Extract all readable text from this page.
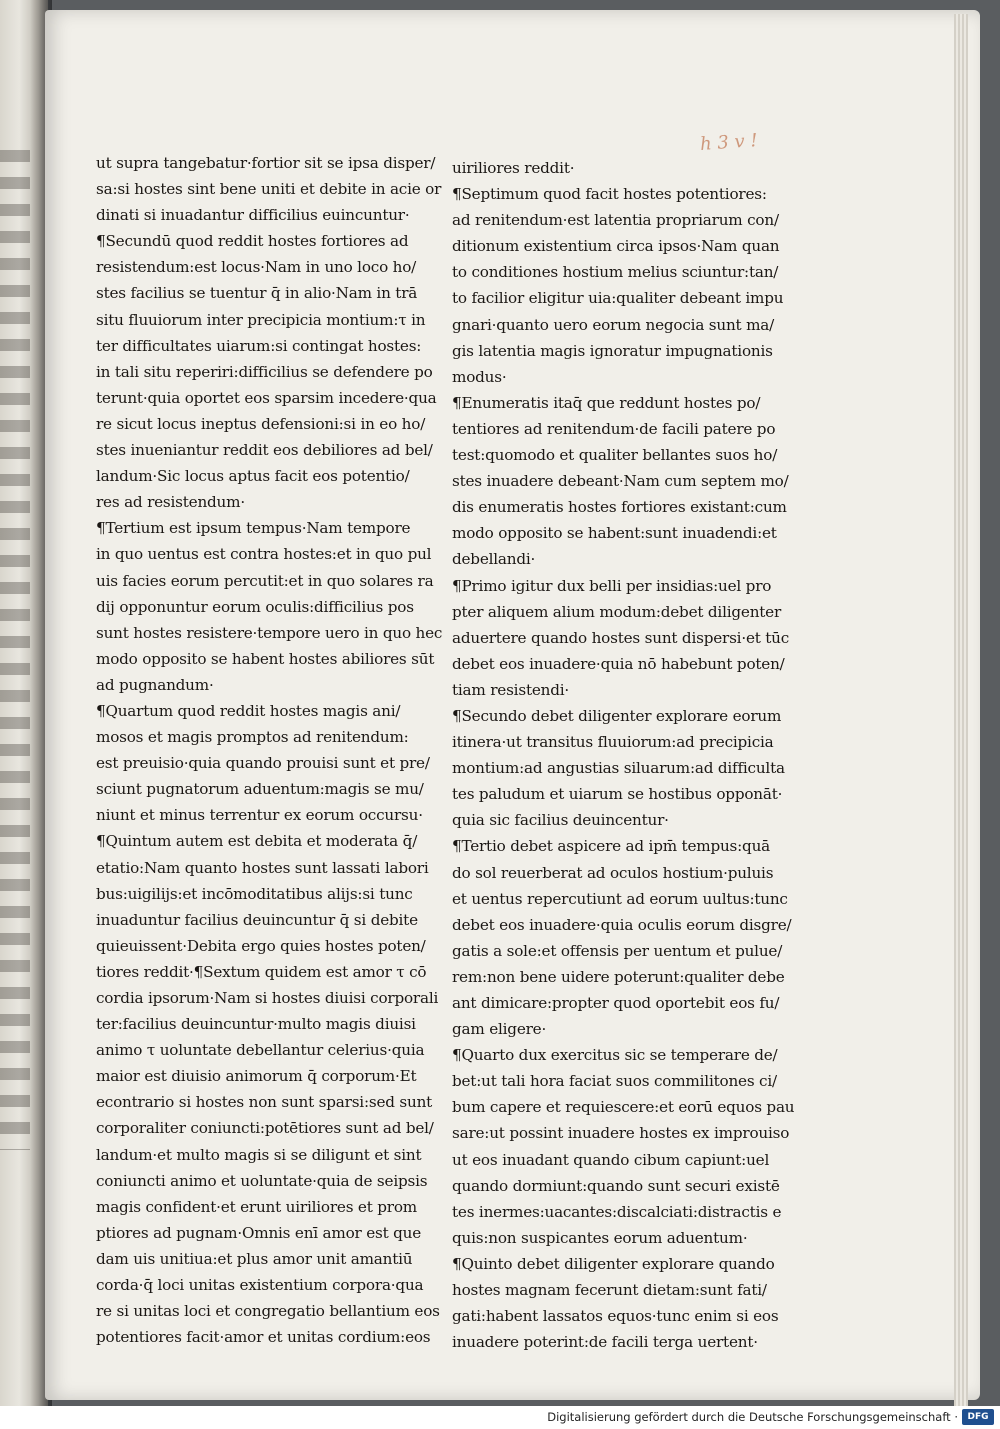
h 3 v !
ut supra tangebatur·fortior sit se ipsa disper/
sa:si hostes sint bene uniti et debite in acie or
dinati si inuadantur difficilius euincuntur·
¶Secundū quod reddit hostes fortiores ad
resistendum:est locus·Nam in uno loco ho/
stes facilius se tuentur q̄ in alio·Nam in trā
situ fluuiorum inter precipicia montium:τ in
ter difficultates uiarum:si contingat hostes:
in tali situ reperiri:difficilius se defendere po
terunt·quia oportet eos sparsim incedere·qua
re sicut locus ineptus defensioni:si in eo ho/
stes inueniantur reddit eos debiliores ad bel/
landum·Sic locus aptus facit eos potentio/
res ad resistendum·
¶Tertium est ipsum tempus·Nam tempore
in quo uentus est contra hostes:et in quo pul
uis facies eorum percutit:et in quo solares ra
dij opponuntur eorum oculis:difficilius pos
sunt hostes resistere·tempore uero in quo hec
modo opposito se habent hostes abiliores sūt
ad pugnandum·
¶Quartum quod reddit hostes magis ani/
mosos et magis promptos ad renitendum:
est preuisio·quia quando prouisi sunt et pre/
sciunt pugnatorum aduentum:magis se mu/
niunt et minus terrentur ex eorum occursu·
¶Quintum autem est debita et moderata q̄/
etatio:Nam quanto hostes sunt lassati labori
bus:uigilijs:et incōmoditatibus alijs:si tunc
inuaduntur facilius deuincuntur q̄ si debite
quieuissent·Debita ergo quies hostes poten/
tiores reddit·¶Sextum quidem est amor τ cō
cordia ipsorum·Nam si hostes diuisi corporali
ter:facilius deuincuntur·multo magis diuisi
animo τ uoluntate debellantur celerius·quia
maior est diuisio animorum q̄ corporum·Et
econtrario si hostes non sunt sparsi:sed sunt
corporaliter coniuncti:potētiores sunt ad bel/
landum·et multo magis si se diligunt et sint
coniuncti animo et uoluntate·quia de seipsis
magis confident·et erunt uiriliores et prom
ptiores ad pugnam·Omnis enī amor est que
dam uis unitiua:et plus amor unit amantiū
corda·q̄ loci unitas existentium corpora·qua
re si unitas loci et congregatio bellantium eos
potentiores facit·amor et unitas cordium:eos
uiriliores reddit·
¶Septimum quod facit hostes potentiores:
ad renitendum·est latentia propriarum con/
ditionum existentium circa ipsos·Nam quan
to conditiones hostium melius sciuntur:tan/
to facilior eligitur uia:qualiter debeant impu
gnari·quanto uero eorum negocia sunt ma/
gis latentia magis ignoratur impugnationis
modus·
¶Enumeratis itaq̄ que reddunt hostes po/
tentiores ad renitendum·de facili patere po
test:quomodo et qualiter bellantes suos ho/
stes inuadere debeant·Nam cum septem mo/
dis enumeratis hostes fortiores existant:cum
modo opposito se habent:sunt inuadendi:et
debellandi·
¶Primo igitur dux belli per insidias:uel pro
pter aliquem alium modum:debet diligenter
aduertere quando hostes sunt dispersi·et tūc
debet eos inuadere·quia nō habebunt poten/
tiam resistendi·
¶Secundo debet diligenter explorare eorum
itinera·ut transitus fluuiorum:ad precipicia
montium:ad angustias siluarum:ad difficulta
tes paludum et uiarum se hostibus opponāt·
quia sic facilius deuincentur·
¶Tertio debet aspicere ad ipm̄ tempus:quā
do sol reuerberat ad oculos hostium·puluis
et uentus repercutiunt ad eorum uultus:tunc
debet eos inuadere·quia oculis eorum disgre/
gatis a sole:et offensis per uentum et pulue/
rem:non bene uidere poterunt:qualiter debe
ant dimicare:propter quod oportebit eos fu/
gam eligere·
¶Quarto dux exercitus sic se temperare de/
bet:ut tali hora faciat suos commilitones ci/
bum capere et requiescere:et eorū equos pau
sare:ut possint inuadere hostes ex improuiso
ut eos inuadant quando cibum capiunt:uel
quando dormiunt:quando sunt securi existē
tes inermes:uacantes:discalciati:distractis e
quis:non suspicantes eorum aduentum·
¶Quinto debet diligenter explorare quando
hostes magnam fecerunt dietam:sunt fati/
gati:habent lassatos equos·tunc enim si eos
inuadere poterint:de facili terga uertent·
Digitalisierung gefördert durch die Deutsche Forschungsgemeinschaft ·	DFG
